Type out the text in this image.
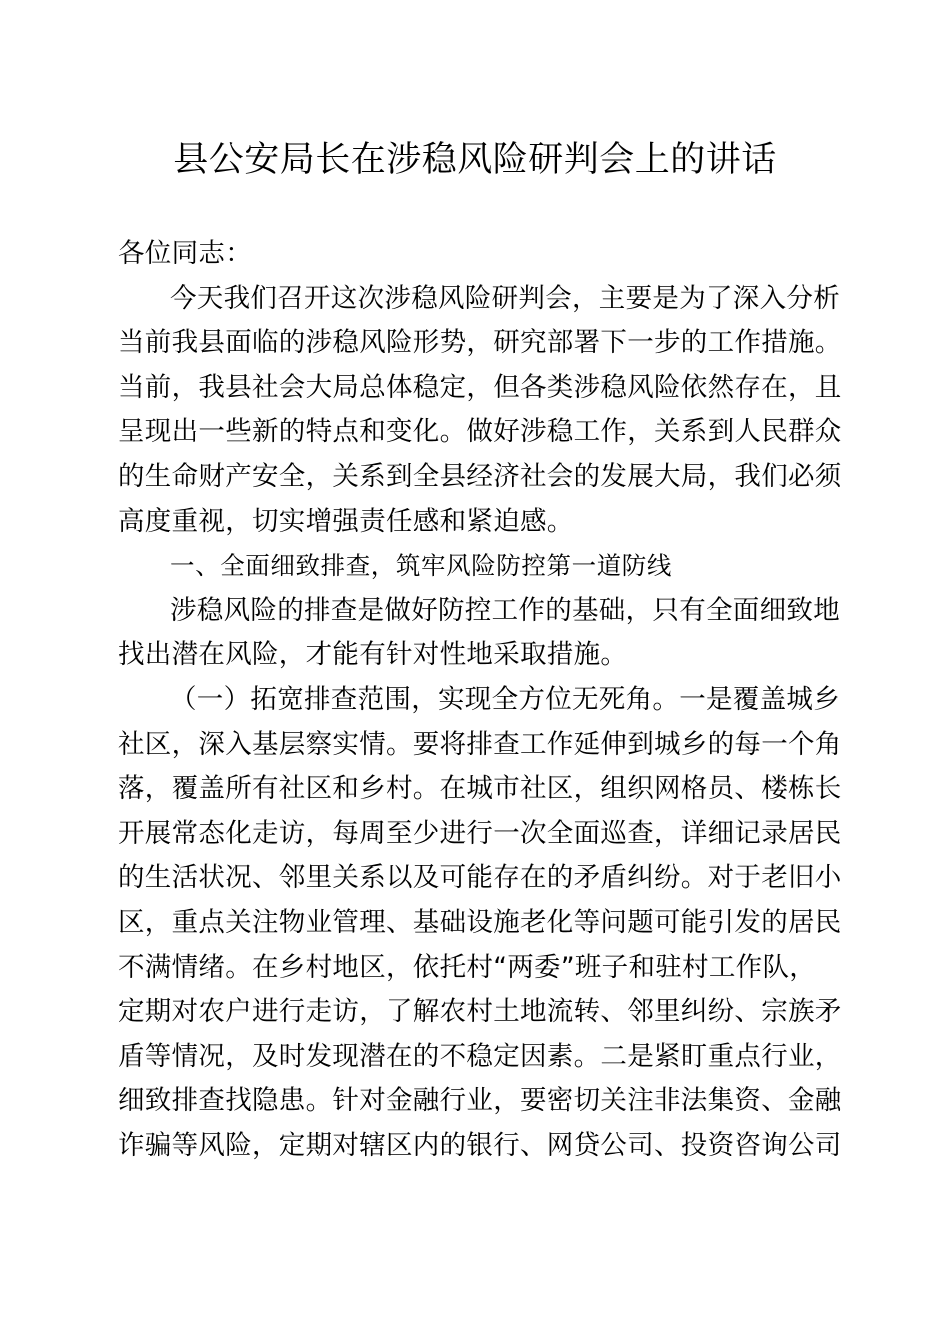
县公安局长在涉稳风险研判会上的讲话
各位同志：
今天我们召开这次涉稳风险研判会，主要是为了深入分析
当前我县面临的涉稳风险形势，研究部署下一步的工作措施。
当前，我县社会大局总体稳定，但各类涉稳风险依然存在，且
呈现出一些新的特点和变化。做好涉稳工作，关系到人民群众
的生命财产安全，关系到全县经济社会的发展大局，我们必须
高度重视，切实增强责任感和紧迫感。
一、全面细致排查，筑牢风险防控第一道防线
涉稳风险的排查是做好防控工作的基础，只有全面细致地
找出潜在风险，才能有针对性地采取措施。
（一）拓宽排查范围，实现全方位无死角。一是覆盖城乡
社区，深入基层察实情。要将排查工作延伸到城乡的每一个角
落，覆盖所有社区和乡村。在城市社区，组织网格员、楼栋长
开展常态化走访，每周至少进行一次全面巡查，详细记录居民
的生活状况、邻里关系以及可能存在的矛盾纠纷。对于老旧小
区，重点关注物业管理、基础设施老化等问题可能引发的居民
不满情绪。在乡村地区，依托村“两委”班子和驻村工作队，
定期对农户进行走访，了解农村土地流转、邻里纠纷、宗族矛
盾等情况，及时发现潜在的不稳定因素。二是紧盯重点行业，
细致排查找隐患。针对金融行业，要密切关注非法集资、金融
诈骗等风险，定期对辖区内的银行、网贷公司、投资咨询公司
